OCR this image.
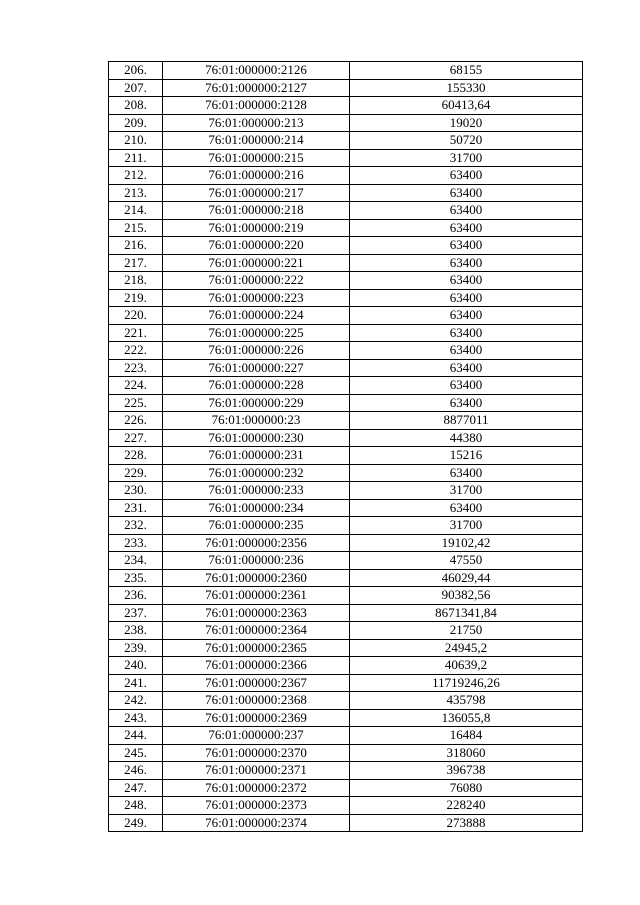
206.	76:01:000000:2126	68155
207.	76:01:000000:2127	155330
208.	76:01:000000:2128	60413,64
209.	76:01:000000:213	19020
210.	76:01:000000:214	50720
211.	76:01:000000:215	31700
212.	76:01:000000:216	63400
213.	76:01:000000:217	63400
214.	76:01:000000:218	63400
215.	76:01:000000:219	63400
216.	76:01:000000:220	63400
217.	76:01:000000:221	63400
218.	76:01:000000:222	63400
219.	76:01:000000:223	63400
220.	76:01:000000:224	63400
221.	76:01:000000:225	63400
222.	76:01:000000:226	63400
223.	76:01:000000:227	63400
224.	76:01:000000:228	63400
225.	76:01:000000:229	63400
226.	76:01:000000:23	8877011
227.	76:01:000000:230	44380
228.	76:01:000000:231	15216
229.	76:01:000000:232	63400
230.	76:01:000000:233	31700
231.	76:01:000000:234	63400
232.	76:01:000000:235	31700
233.	76:01:000000:2356	19102,42
234.	76:01:000000:236	47550
235.	76:01:000000:2360	46029,44
236.	76:01:000000:2361	90382,56
237.	76:01:000000:2363	8671341,84
238.	76:01:000000:2364	21750
239.	76:01:000000:2365	24945,2
240.	76:01:000000:2366	40639,2
241.	76:01:000000:2367	11719246,26
242.	76:01:000000:2368	435798
243.	76:01:000000:2369	136055,8
244.	76:01:000000:237	16484
245.	76:01:000000:2370	318060
246.	76:01:000000:2371	396738
247.	76:01:000000:2372	76080
248.	76:01:000000:2373	228240
249.	76:01:000000:2374	273888
